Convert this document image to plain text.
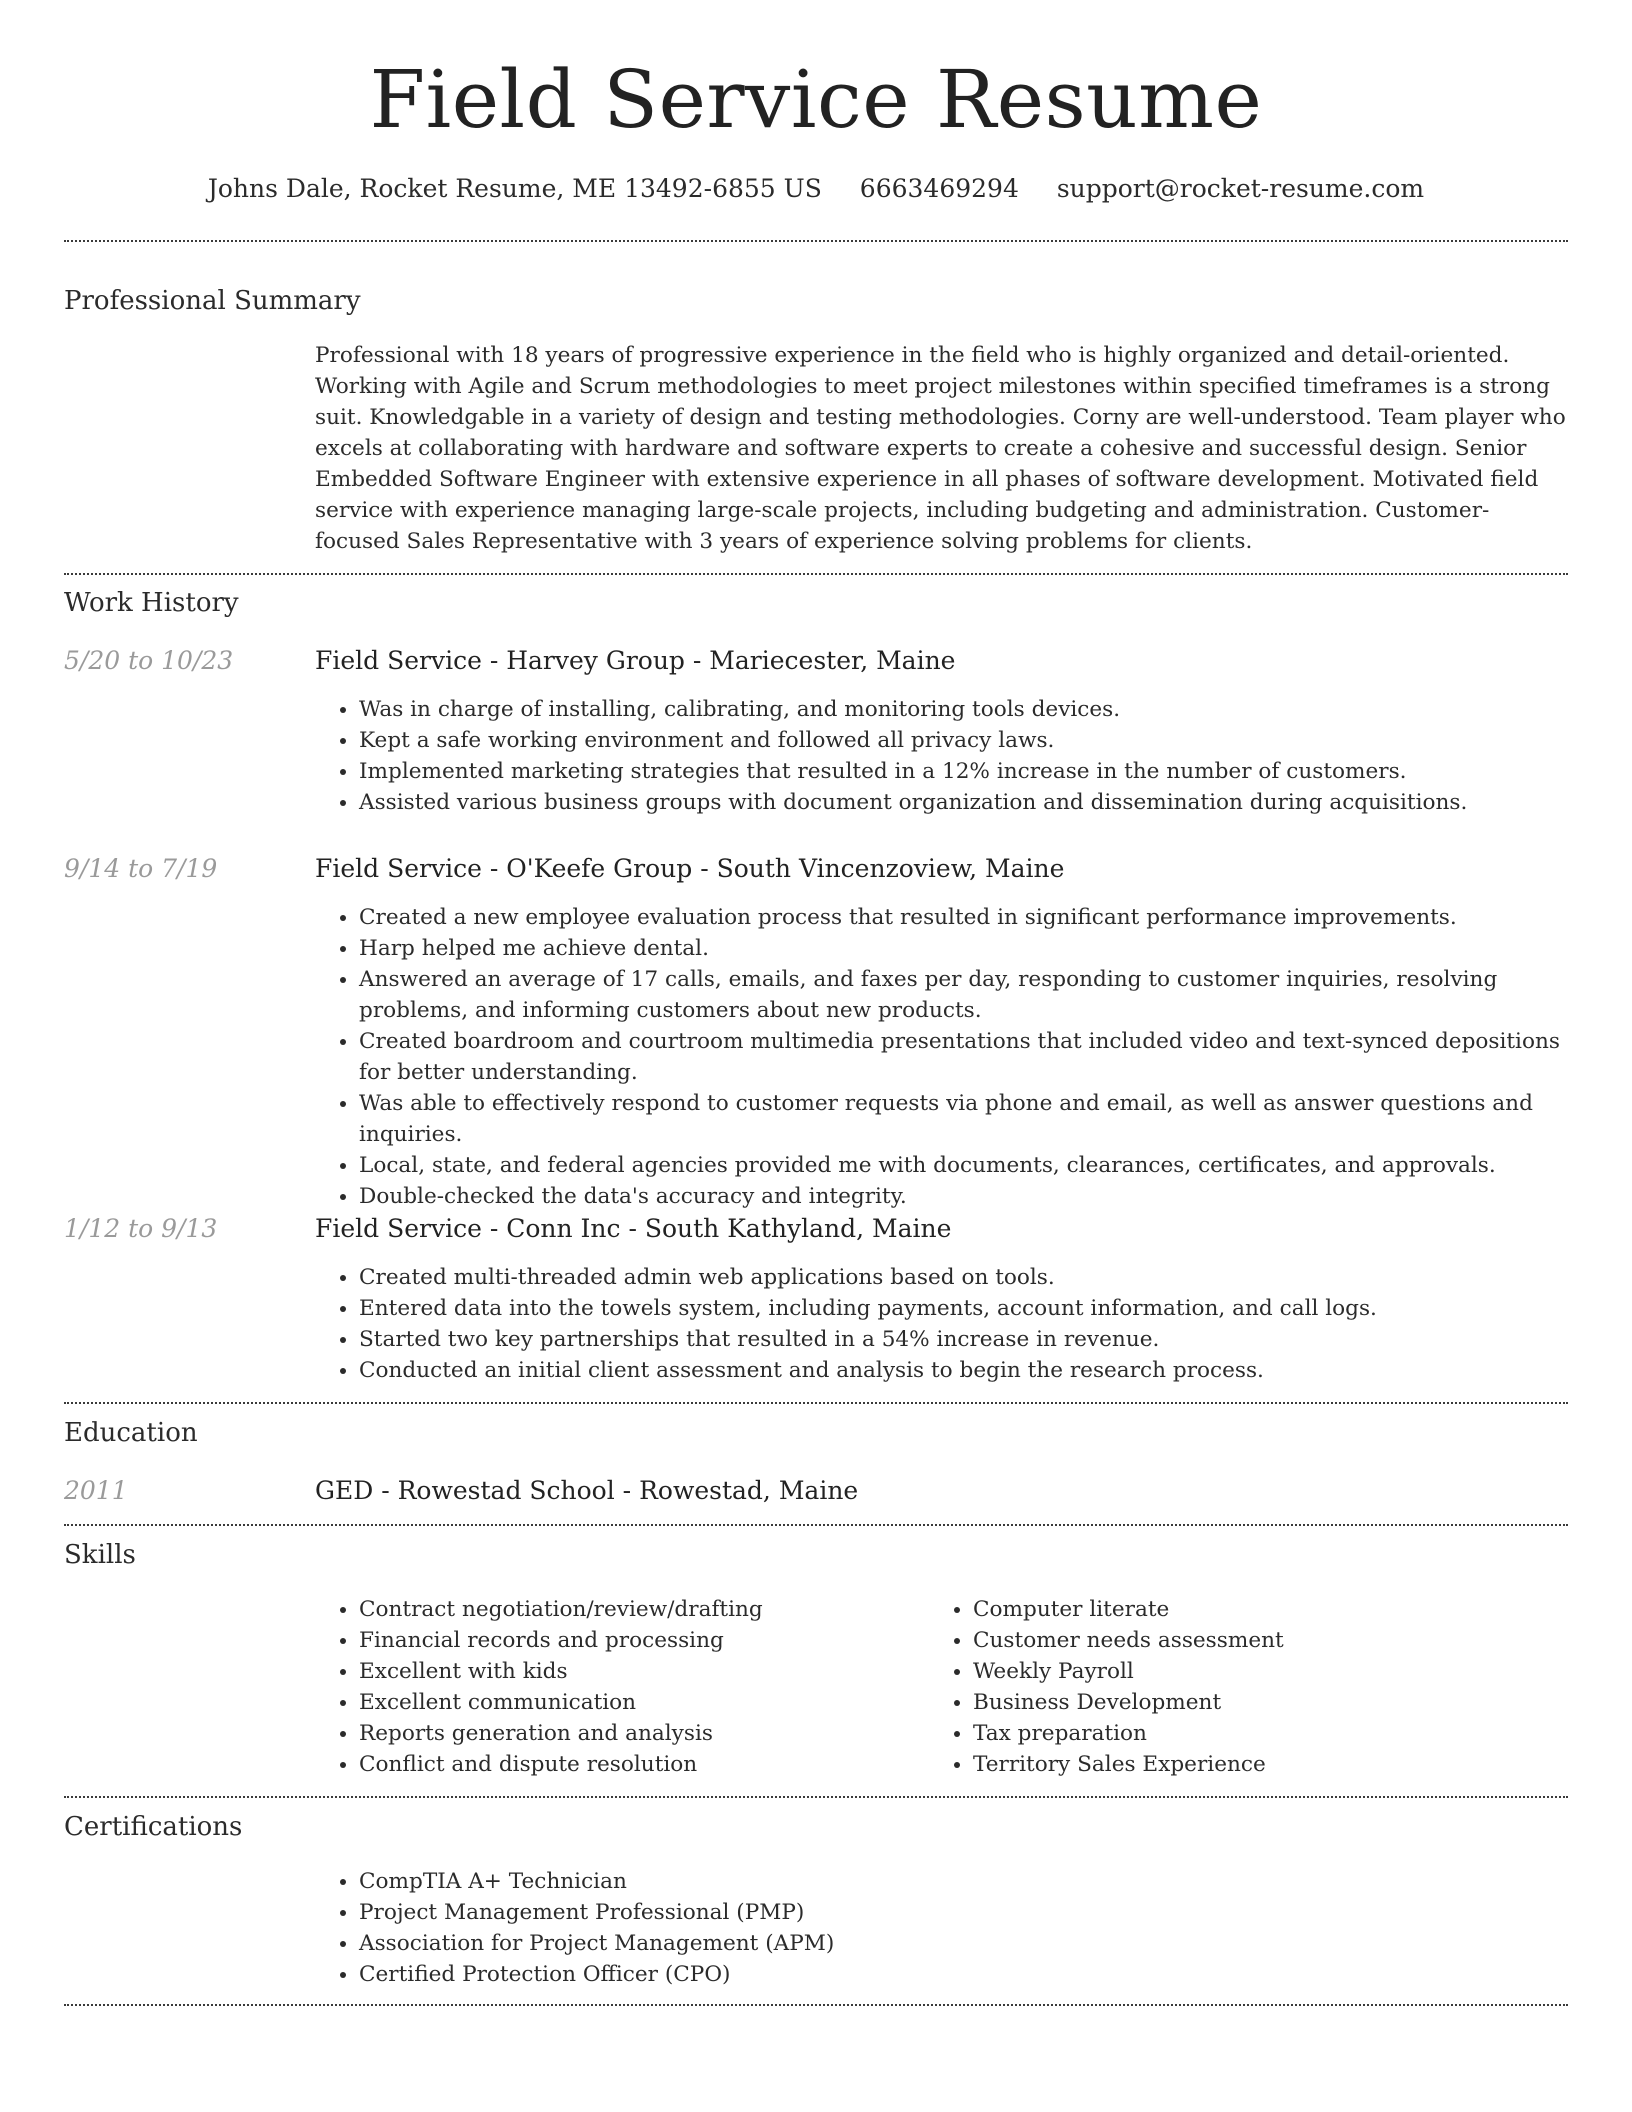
Field Service Resume
Johns Dale, Rocket Resume, ME 13492-6855 US 6663469294 support@rocket-resume.com
Professional Summary

Professional with 18 years of progressive experience in the field who is highly organized and detail-oriented. Working with Agile and Scrum methodologies to meet project milestones within specified timeframes is a strong suit. Knowledgable in a variety of design and testing methodologies. Corny are well-understood. Team player who excels at collaborating with hardware and software experts to create a cohesive and successful design. Senior Embedded Software Engineer with extensive experience in all phases of software development. Motivated field service with experience managing large-scale projects, including budgeting and administration. Customer-focused Sales Representative with 3 years of experience solving problems for clients.

Work History
5/20 to 10/23	Field Service - Harvey Group - Mariecester, Maine
• Was in charge of installing, calibrating, and monitoring tools devices.
• Kept a safe working environment and followed all privacy laws.
• Implemented marketing strategies that resulted in a 12% increase in the number of customers.
• Assisted various business groups with document organization and dissemination during acquisitions.
9/14 to 7/19	Field Service - O'Keefe Group - South Vincenzoview, Maine
• Created a new employee evaluation process that resulted in significant performance improvements.
• Harp helped me achieve dental.
• Answered an average of 17 calls, emails, and faxes per day, responding to customer inquiries, resolving problems, and informing customers about new products.
• Created boardroom and courtroom multimedia presentations that included video and text-synced depositions for better understanding.
• Was able to effectively respond to customer requests via phone and email, as well as answer questions and inquiries.
• Local, state, and federal agencies provided me with documents, clearances, certificates, and approvals.
• Double-checked the data's accuracy and integrity.
1/12 to 9/13	Field Service - Conn Inc - South Kathyland, Maine
• Created multi-threaded admin web applications based on tools.
• Entered data into the towels system, including payments, account information, and call logs.
• Started two key partnerships that resulted in a 54% increase in revenue.
• Conducted an initial client assessment and analysis to begin the research process.
Education
2011	GED - Rowestad School - Rowestad, Maine
Skills
• Contract negotiation/review/drafting
• Financial records and processing
• Excellent with kids
• Excellent communication
• Reports generation and analysis
• Conflict and dispute resolution
• Computer literate
• Customer needs assessment
• Weekly Payroll
• Business Development
• Tax preparation
• Territory Sales Experience
Certifications
• CompTIA A+ Technician
• Project Management Professional (PMP)
• Association for Project Management (APM)
• Certified Protection Officer (CPO)
